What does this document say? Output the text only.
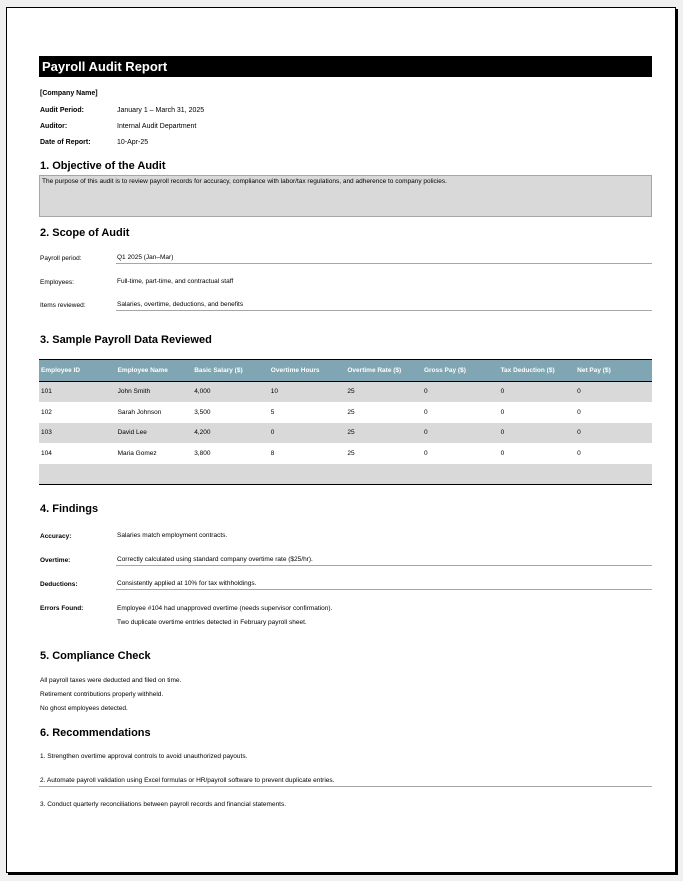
Payroll Audit Report
[Company Name]
Audit Period:	January 1 – March 31, 2025
Auditor:	Internal Audit Department
Date of Report:	10-Apr-25
1. Objective of the Audit
The purpose of this audit is to review payroll records for accuracy, compliance with labor/tax regulations, and adherence to company policies.
2. Scope of Audit
Payroll period:	Q1 2025 (Jan–Mar)
Employees:	Full-time, part-time, and contractual staff
Items reviewed:	Salaries, overtime, deductions, and benefits
3. Sample Payroll Data Reviewed
Employee ID	Employee Name	Basic Salary ($)	Overtime Hours	Overtime Rate ($)	Gross Pay ($)	Tax Deduction ($)	Net Pay ($)
101	John Smith	4,000	10	25	0	0	0
102	Sarah Johnson	3,500	5	25	0	0	0
103	David Lee	4,200	0	25	0	0	0
104	Maria Gomez	3,800	8	25	0	0	0
4. Findings
Accuracy:	Salaries match employment contracts.
Overtime:	Correctly calculated using standard company overtime rate ($25/hr).
Deductions:	Consistently applied at 10% for tax withholdings.
Errors Found:	Employee #104 had unapproved overtime (needs supervisor confirmation).
Two duplicate overtime entries detected in February payroll sheet.
5. Compliance Check
All payroll taxes were deducted and filed on time.
Retirement contributions properly withheld.
No ghost employees detected.
6. Recommendations
1. Strengthen overtime approval controls to avoid unauthorized payouts.
2. Automate payroll validation using Excel formulas or HR/payroll software to prevent duplicate entries.
3. Conduct quarterly reconciliations between payroll records and financial statements.
